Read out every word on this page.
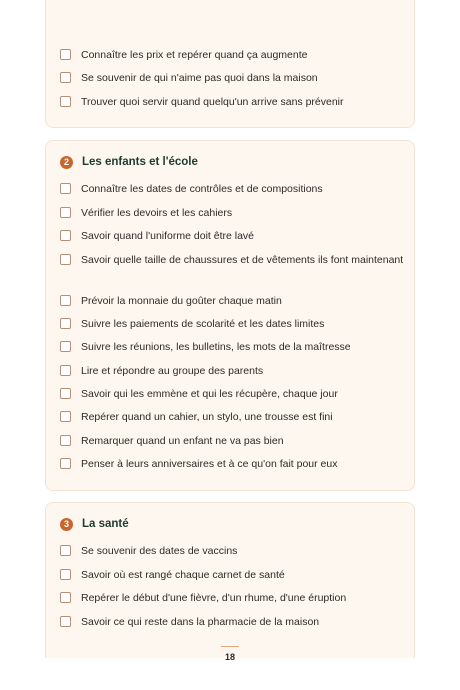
Connaître les prix et repérer quand ça augmente
Se souvenir de qui n'aime pas quoi dans la maison
Trouver quoi servir quand quelqu'un arrive sans prévenir
2	Les enfants et l'école
Connaître les dates de contrôles et de compositions
Vérifier les devoirs et les cahiers
Savoir quand l'uniforme doit être lavé
Savoir quelle taille de chaussures et de vêtements ils font maintenant
Prévoir la monnaie du goûter chaque matin
Suivre les paiements de scolarité et les dates limites
Suivre les réunions, les bulletins, les mots de la maîtresse
Lire et répondre au groupe des parents
Savoir qui les emmène et qui les récupère, chaque jour
Repérer quand un cahier, un stylo, une trousse est fini
Remarquer quand un enfant ne va pas bien
Penser à leurs anniversaires et à ce qu'on fait pour eux
3	La santé
Se souvenir des dates de vaccins
Savoir où est rangé chaque carnet de santé
Repérer le début d'une fièvre, d'un rhume, d'une éruption
Savoir ce qui reste dans la pharmacie de la maison
18
